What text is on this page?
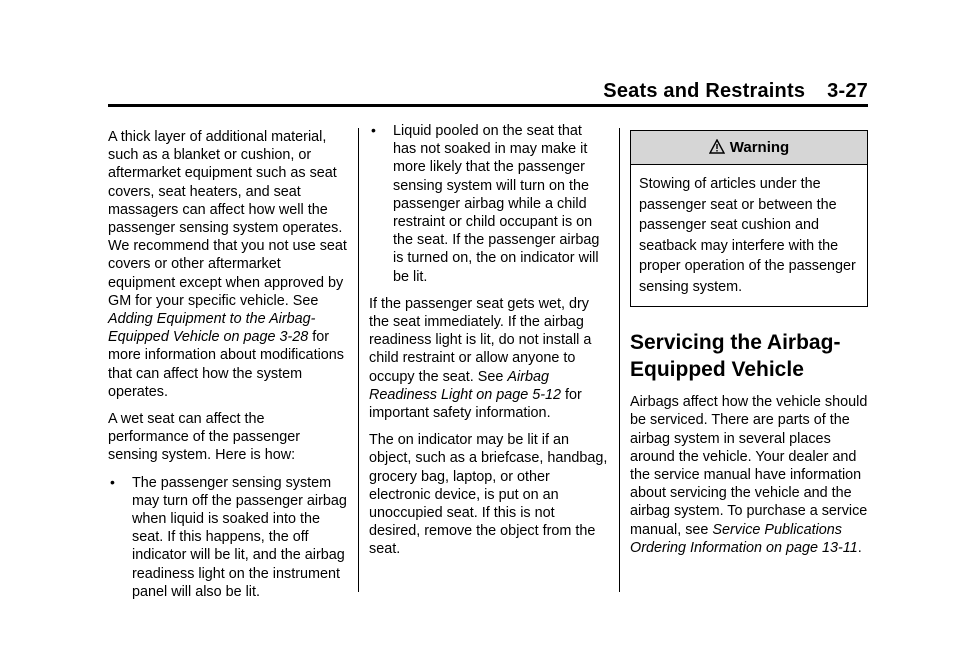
Seats and Restraints 3-27

A thick layer of additional material, such as a blanket or cushion, or aftermarket equipment such as seat covers, seat heaters, and seat massagers can affect how well the passenger sensing system operates. We recommend that you not use seat covers or other aftermarket equipment except when approved by GM for your specific vehicle. See Adding Equipment to the Airbag-Equipped Vehicle on page 3-28 for more information about modifications that can affect how the system operates.

A wet seat can affect the performance of the passenger sensing system. Here is how:

• The passenger sensing system may turn off the passenger airbag when liquid is soaked into the seat. If this happens, the off indicator will be lit, and the airbag readiness light on the instrument panel will also be lit.
• Liquid pooled on the seat that has not soaked in may make it more likely that the passenger sensing system will turn on the passenger airbag while a child restraint or child occupant is on the seat. If the passenger airbag is turned on, the on indicator will be lit.

If the passenger seat gets wet, dry the seat immediately. If the airbag readiness light is lit, do not install a child restraint or allow anyone to occupy the seat. See Airbag Readiness Light on page 5-12 for important safety information.

The on indicator may be lit if an object, such as a briefcase, handbag, grocery bag, laptop, or other electronic device, is put on an unoccupied seat. If this is not desired, remove the object from the seat.

Warning
Stowing of articles under the passenger seat or between the passenger seat cushion and seatback may interfere with the proper operation of the passenger sensing system.
Servicing the Airbag-Equipped Vehicle

Airbags affect how the vehicle should be serviced. There are parts of the airbag system in several places around the vehicle. Your dealer and the service manual have information about servicing the vehicle and the airbag system. To purchase a service manual, see Service Publications Ordering Information on page 13-11.
